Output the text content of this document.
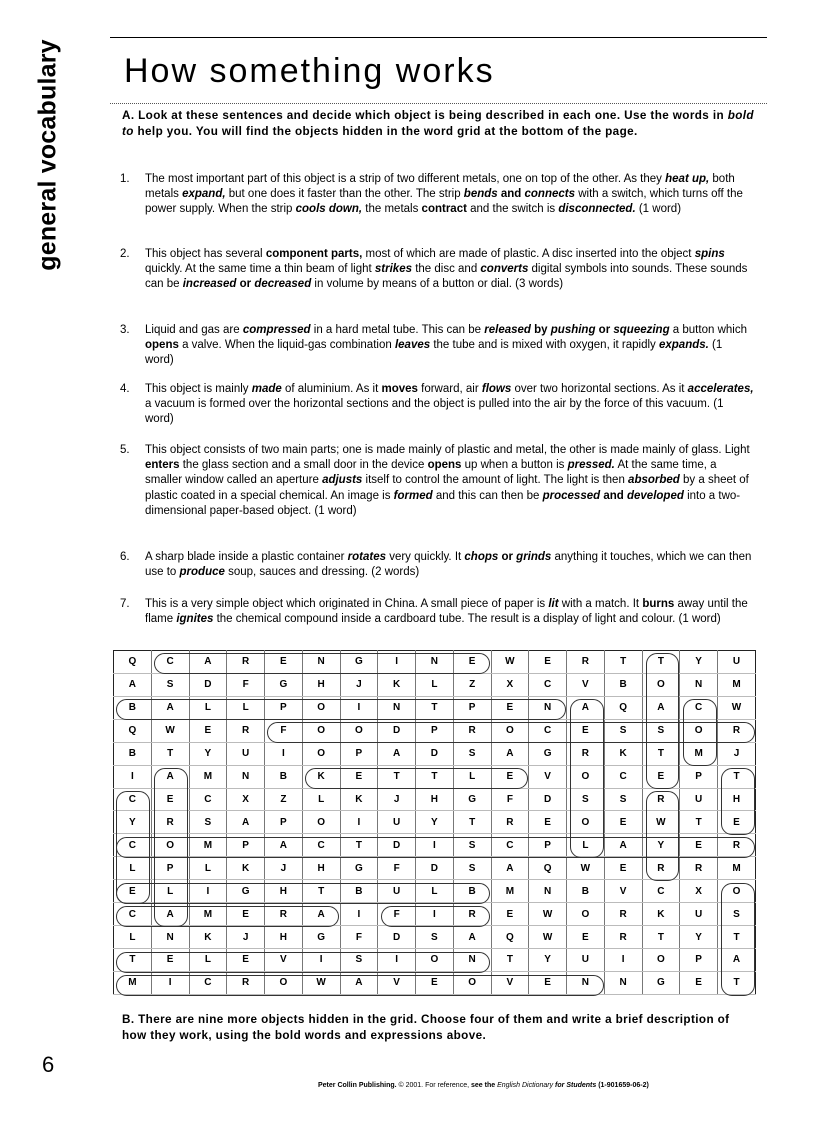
general vocabulary How something works

A. Look at these sentences and decide which object is being described in each one. Use the words in bold to help you. You will find the objects hidden in the word grid at the bottom of the page.

1. The most important part of this object is a strip of two different metals, one on top of the other. As they heat up, both metals expand, but one does it faster than the other. The strip bends and connects with a switch, which turns off the power supply. When the strip cools down, the metals contract and the switch is disconnected. (1 word)

2. This object has several component parts, most of which are made of plastic. A disc inserted into the object spins quickly. At the same time a thin beam of light strikes the disc and converts digital symbols into sounds. These sounds can be increased or decreased in volume by means of a button or dial. (3 words)

3. Liquid and gas are compressed in a hard metal tube. This can be released by pushing or squeezing a button which opens a valve. When the liquid-gas combination leaves the tube and is mixed with oxygen, it rapidly expands. (1 word)

4. This object is mainly made of aluminium. As it moves forward, air flows over two horizontal sections. As it accelerates, a vacuum is formed over the horizontal sections and the object is pulled into the air by the force of this vacuum. (1 word)

5. This object consists of two main parts; one is made mainly of plastic and metal, the other is made mainly of glass. Light enters the glass section and a small door in the device opens up when a button is pressed. At the same time, a smaller window called an aperture adjusts itself to control the amount of light. The light is then absorbed by a sheet of plastic coated in a special chemical. An image is formed and this can then be processed and developed into a two-dimensional paper-based object. (1 word)

6. A sharp blade inside a plastic container rotates very quickly. It chops or grinds anything it touches, which we can then use to produce soup, sauces and dressing. (2 words)

7. This is a very simple object which originated in China. A small piece of paper is lit with a match. It burns away until the flame ignites the chemical compound inside a cardboard tube. The result is a display of light and colour. (1 word)

Q	C	A	R	E	N	G	I	N	E	W	E	R	T	T	Y	U
A	S	D	F	G	H	J	K	L	Z	X	C	V	B	O	N	M
B	A	L	L	P	O	I	N	T	P	E	N	A	Q	A	C	W
Q	W	E	R	F	O	O	D	P	R	O	C	E	S	S	O	R
B	T	Y	U	I	O	P	A	D	S	A	G	R	K	T	M	J
I	A	M	N	B	K	E	T	T	L	E	V	O	C	E	P	T
C	E	C	X	Z	L	K	J	H	G	F	D	S	S	R	U	H
Y	R	S	A	P	O	I	U	Y	T	R	E	O	E	W	T	E
C	O	M	P	A	C	T	D	I	S	C	P	L	A	Y	E	R
L	P	L	K	J	H	G	F	D	S	A	Q	W	E	R	R	M
E	L	I	G	H	T	B	U	L	B	M	N	B	V	C	X	O
C	A	M	E	R	A	I	F	I	R	E	W	O	R	K	U	S
L	N	K	J	H	G	F	D	S	A	Q	W	E	R	T	Y	T
T	E	L	E	V	I	S	I	O	N	T	Y	U	I	O	P	A
M	I	C	R	O	W	A	V	E	O	V	E	N	N	G	E	T

B. There are nine more objects hidden in the grid. Choose four of them and write a brief description of how they work, using the bold words and expressions above.

6
Peter Collin Publishing. © 2001. For reference, see the English Dictionary for Students (1-901659-06-2)
